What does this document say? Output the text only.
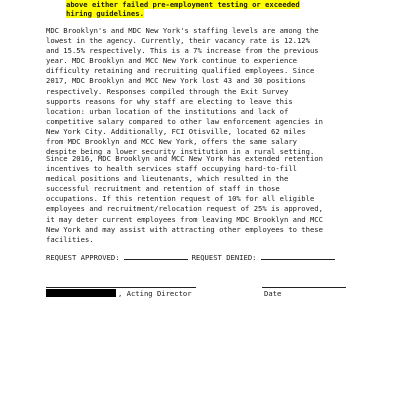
above either failed pre-employment testing or exceeded
hiring guidelines.
MDC Brooklyn's and MDC New York's staffing levels are among the
lowest in the agency. Currently, their vacancy rate is 12.12%
and 15.5% respectively. This is a 7% increase from the previous
year. MDC Brooklyn and MCC New York continue to experience
difficulty retaining and recruiting qualified employees. Since
2017, MDC Brooklyn and MCC New York lost 43 and 30 positions
respectively. Responses compiled through the Exit Survey
supports reasons for why staff are electing to leave this
location: urban location of the institutions and lack of
competitive salary compared to other law enforcement agencies in
New York City. Additionally, FCI Otisville, located 62 miles
from MDC Brooklyn and MCC New York, offers the same salary
despite being a lower security institution in a rural setting.
Since 2016, MDC Brooklyn and MCC New York has extended retention
incentives to health services staff occupying hard-to-fill
medical positions and lieutenants, which resulted in the
successful recruitment and retention of staff in those
occupations. If this retention request of 10% for all eligible
employees and recruitment/relocation request of 25% is approved,
it may deter current employees from leaving MDC Brooklyn and MCC
New York and may assist with attracting other employees to these
facilities.
REQUEST APPROVED:	REQUEST DENIED:
, Acting Director	Date
